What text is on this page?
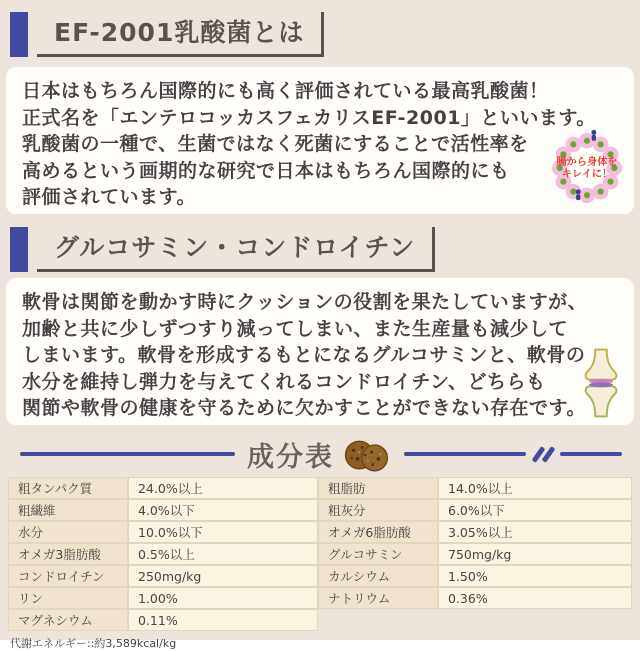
EF-2001乳酸菌とは
日本はもちろん国際的にも高く評価されている最高乳酸菌！
正式名を「エンテロコッカスフェカリスEF-2001」といいます。
乳酸菌の一種で、生菌ではなく死菌にすることで活性率を
高めるという画期的な研究で日本はもちろん国際的にも
評価されています。
腸から身体を
キレイに！
グルコサミン・コンドロイチン
軟骨は関節を動かす時にクッションの役割を果たしていますが、
加齢と共に少しずつすり減ってしまい、また生産量も減少して
しまいます。軟骨を形成するもとになるグルコサミンと、軟骨の
水分を維持し弾力を与えてくれるコンドロイチン、どちらも
関節や軟骨の健康を守るために欠かすことができない存在です。
成分表
粗タンパク質	24.0%以上	粗脂肪	14.0%以上
粗繊維	4.0%以下	粗灰分	6.0%以下
水分	10.0%以下	オメガ6脂肪酸	3.05%以上
オメガ3脂肪酸	0.5%以上	グルコサミン	750mg/kg
コンドロイチン	250mg/kg	カルシウム	1.50%
リン	1.00%	ナトリウム	0.36%
マグネシウム	0.11%
代謝エネルギー::約3,589kcal/kg
